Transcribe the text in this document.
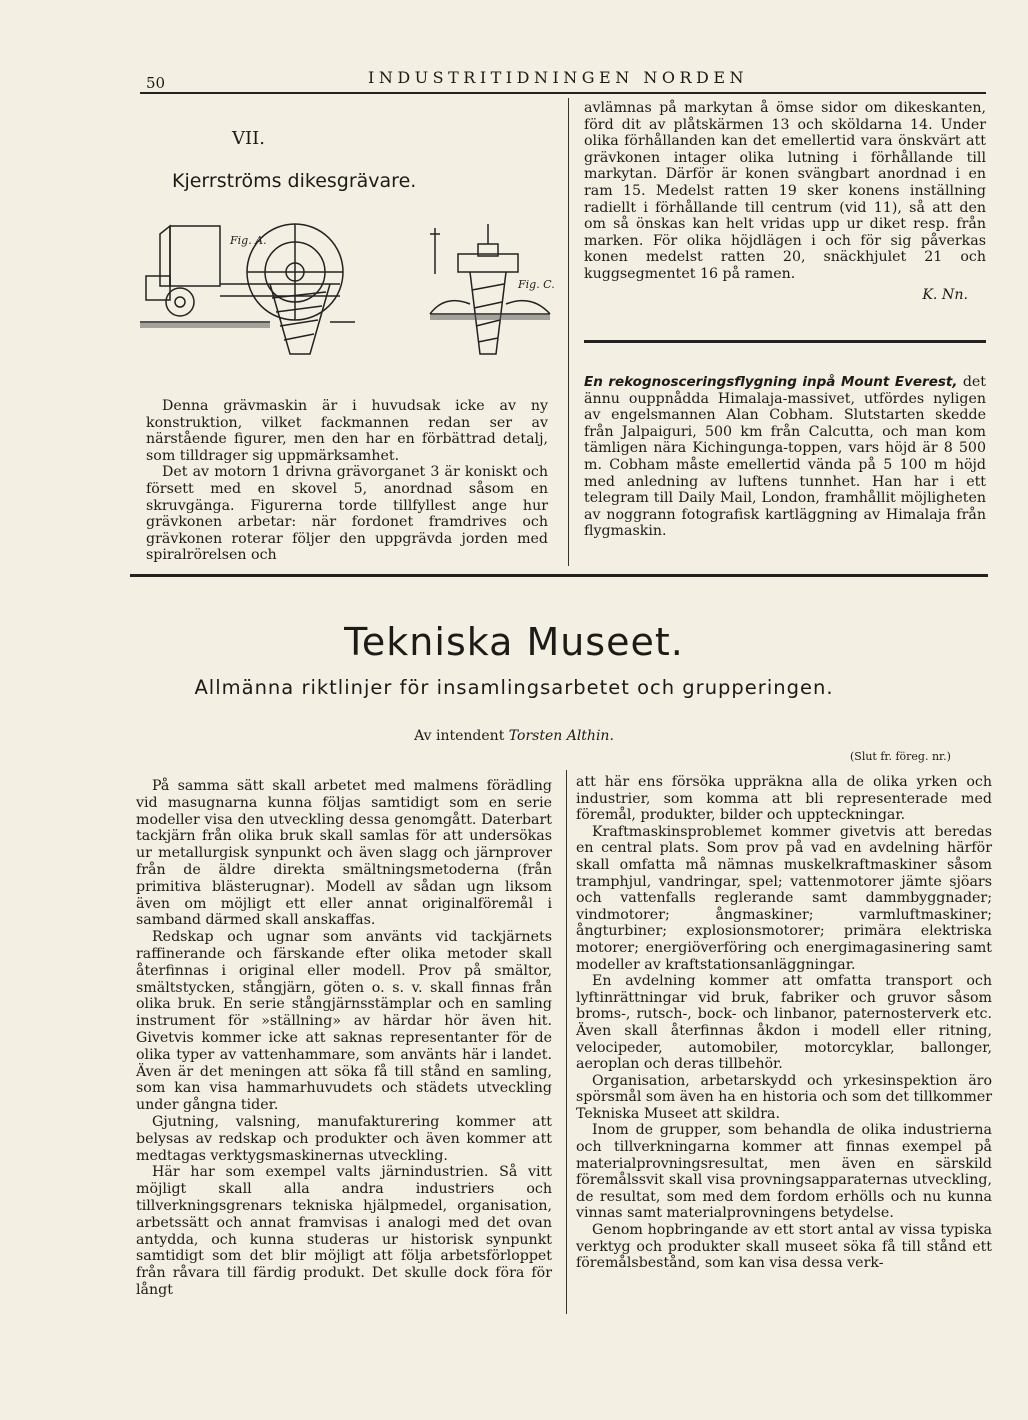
50	INDUSTRITIDNINGEN NORDEN
VII.
Kjerrströms dikesgrävare.
Fig. A.
Fig. C.

Denna grävmaskin är i huvudsak icke av ny konstruktion, vilket fackmannen redan ser av närstående figurer, men den har en förbättrad detalj, som tilldrager sig uppmärksamhet.

Det av motorn 1 drivna grävorganet 3 är koniskt och försett med en skovel 5, anordnad såsom en skruvgänga. Figurerna torde tillfyllest ange hur grävkonen arbetar: när fordonet framdrives och grävkonen roterar följer den uppgrävda jorden med spiralrörelsen och

avlämnas på markytan å ömse sidor om dikeskanten, förd dit av plåtskärmen 13 och sköldarna 14. Under olika förhållanden kan det emellertid vara önskvärt att grävkonen intager olika lutning i förhållande till markytan. Därför är konen svängbart anordnad i en ram 15. Medelst ratten 19 sker konens inställning radiellt i förhållande till centrum (vid 11), så att den om så önskas kan helt vridas upp ur diket resp. från marken. För olika höjdlägen i och för sig påverkas konen medelst ratten 20, snäckhjulet 21 och kuggsegmentet 16 på ramen.

K. Nn.
En rekognosceringsflygning inpå Mount Everest, det ännu ouppnådda Himalaja-massivet, utfördes nyligen av engelsmannen Alan Cobham. Slutstarten skedde från Jalpaiguri, 500 km från Calcutta, och man kom tämligen nära Kichingunga-toppen, vars höjd är 8 500 m. Cobham måste emellertid vända på 5 100 m höjd med anledning av luftens tunnhet. Han har i ett telegram till Daily Mail, London, framhållit möjligheten av noggrann fotografisk kartläggning av Himalaja från flygmaskin.
Tekniska Museet.
Allmänna riktlinjer för insamlingsarbetet och grupperingen.
Av intendent Torsten Althin.
(Slut fr. föreg. nr.)

På samma sätt skall arbetet med malmens förädling vid masugnarna kunna följas samtidigt som en serie modeller visa den utveckling dessa genomgått. Daterbart tackjärn från olika bruk skall samlas för att undersökas ur metallurgisk synpunkt och även slagg och järnprover från de äldre direkta smältningsmetoderna (från primitiva blästerugnar). Modell av sådan ugn liksom även om möjligt ett eller annat originalföremål i samband därmed skall anskaffas.

Redskap och ugnar som använts vid tackjärnets raffinerande och färskande efter olika metoder skall återfinnas i original eller modell. Prov på smältor, smältstycken, stångjärn, göten o. s. v. skall finnas från olika bruk. En serie stångjärnsstämplar och en samling instrument för »ställning» av härdar hör även hit. Givetvis kommer icke att saknas representanter för de olika typer av vattenhammare, som använts här i landet. Även är det meningen att söka få till stånd en samling, som kan visa hammarhuvudets och städets utveckling under gångna tider.

Gjutning, valsning, manufakturering kommer att belysas av redskap och produkter och även kommer att medtagas verktygsmaskinernas utveckling.

Här har som exempel valts järnindustrien. Så vitt möjligt skall alla andra industriers och tillverkningsgrenars tekniska hjälpmedel, organisation, arbetssätt och annat framvisas i analogi med det ovan antydda, och kunna studeras ur historisk synpunkt samtidigt som det blir möjligt att följa arbetsförloppet från råvara till färdig produkt. Det skulle dock föra för långt

att här ens försöka uppräkna alla de olika yrken och industrier, som komma att bli representerade med föremål, produkter, bilder och uppteckningar.

Kraftmaskinsproblemet kommer givetvis att beredas en central plats. Som prov på vad en avdelning härför skall omfatta må nämnas muskelkraftmaskiner såsom tramphjul, vandringar, spel; vattenmotorer jämte sjöars och vattenfalls reglerande samt dammbyggnader; vindmotorer; ångmaskiner; varmluftmaskiner; ångturbiner; explosionsmotorer; primära elektriska motorer; energiöverföring och energimagasinering samt modeller av kraftstationsanläggningar.

En avdelning kommer att omfatta transport och lyftinrättningar vid bruk, fabriker och gruvor såsom broms-, rutsch-, bock- och linbanor, paternosterverk etc. Även skall återfinnas åkdon i modell eller ritning, velocipeder, automobiler, motorcyklar, ballonger, aeroplan och deras tillbehör.

Organisation, arbetarskydd och yrkesinspektion äro spörsmål som även ha en historia och som det tillkommer Tekniska Museet att skildra.

Inom de grupper, som behandla de olika industrierna och tillverkningarna kommer att finnas exempel på materialprovningsresultat, men även en särskild föremålssvit skall visa provningsapparaternas utveckling, de resultat, som med dem fordom erhölls och nu kunna vinnas samt materialprovningens betydelse.

Genom hopbringande av ett stort antal av vissa typiska verktyg och produkter skall museet söka få till stånd ett föremålsbestånd, som kan visa dessa verk-
